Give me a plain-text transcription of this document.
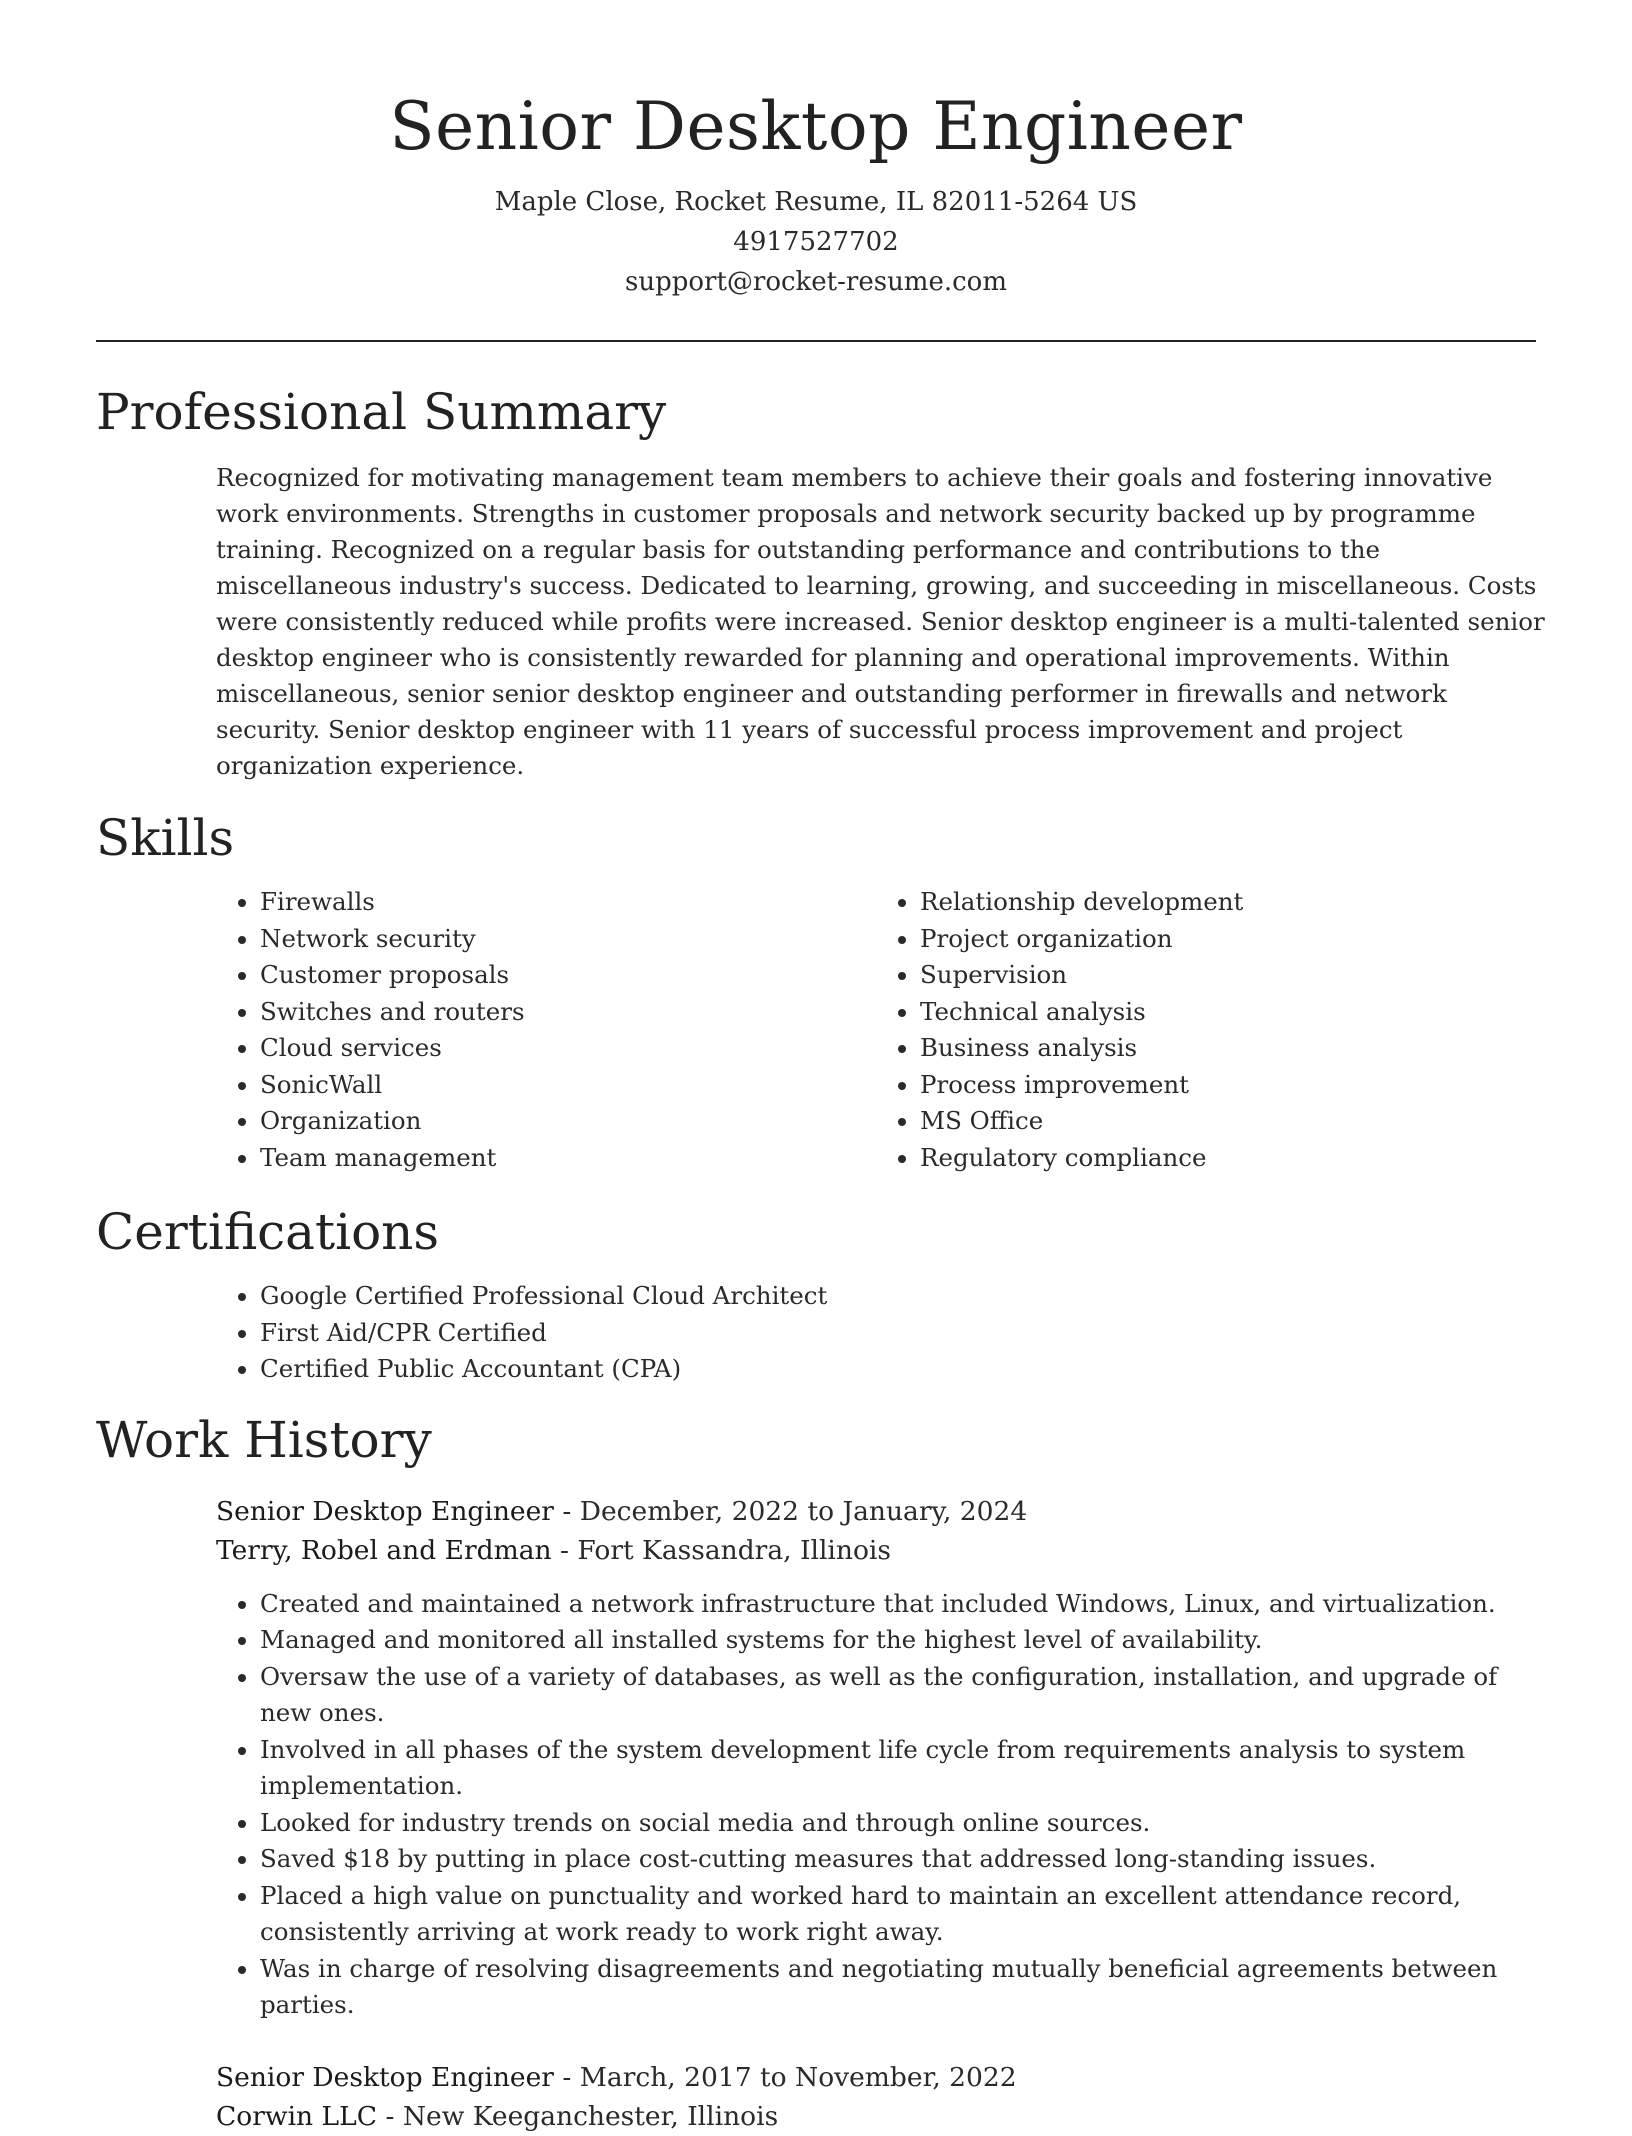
Senior Desktop Engineer
Maple Close, Rocket Resume, IL 82011-5264 US
4917527702
support@rocket-resume.com
Professional Summary

Recognized for motivating management team members to achieve their goals and fostering innovative work environments. Strengths in customer proposals and network security backed up by programme training. Recognized on a regular basis for outstanding performance and contributions to the miscellaneous industry's success. Dedicated to learning, growing, and succeeding in miscellaneous. Costs were consistently reduced while profits were increased. Senior desktop engineer is a multi-talented senior desktop engineer who is consistently rewarded for planning and operational improvements. Within miscellaneous, senior senior desktop engineer and outstanding performer in firewalls and network security. Senior desktop engineer with 11 years of successful process improvement and project organization experience.

Skills
• Firewalls
• Network security
• Customer proposals
• Switches and routers
• Cloud services
• SonicWall
• Organization
• Team management
• Relationship development
• Project organization
• Supervision
• Technical analysis
• Business analysis
• Process improvement
• MS Office
• Regulatory compliance
Certifications
• Google Certified Professional Cloud Architect
• First Aid/CPR Certified
• Certified Public Accountant (CPA)
Work History
Senior Desktop Engineer - December, 2022 to January, 2024
Terry, Robel and Erdman - Fort Kassandra, Illinois
• Created and maintained a network infrastructure that included Windows, Linux, and virtualization.
• Managed and monitored all installed systems for the highest level of availability.
• Oversaw the use of a variety of databases, as well as the configuration, installation, and upgrade of new ones.
• Involved in all phases of the system development life cycle from requirements analysis to system implementation.
• Looked for industry trends on social media and through online sources.
• Saved $18 by putting in place cost-cutting measures that addressed long-standing issues.
• Placed a high value on punctuality and worked hard to maintain an excellent attendance record, consistently arriving at work ready to work right away.
• Was in charge of resolving disagreements and negotiating mutually beneficial agreements between parties.
Senior Desktop Engineer - March, 2017 to November, 2022
Corwin LLC - New Keeganchester, Illinois
